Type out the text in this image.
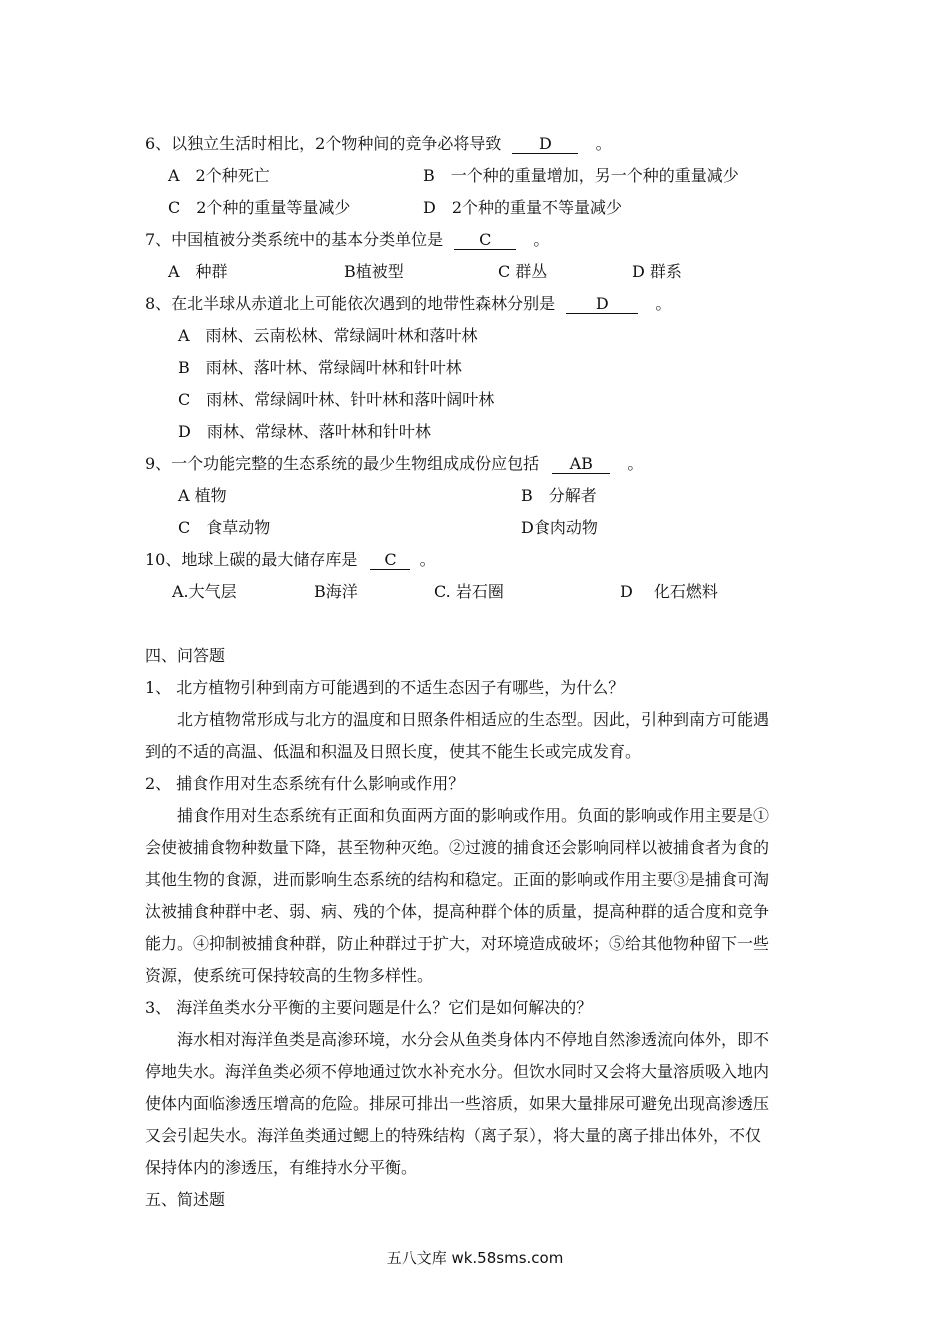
6、以独立生活时相比，2个物种间的竞争必将导致 D	。
A　2个种死亡	B　一个种的重量增加，另一个种的重量减少
C　2个种的重量等量减少	D　2个种的重量不等量减少
7、中国植被分类系统中的基本分类单位是 C	。
A　种群	B植被型	C 群丛	D 群系
8、在北半球从赤道北上可能依次遇到的地带性森林分别是	D	。
A　雨林、云南松林、常绿阔叶林和落叶林
B　雨林、落叶林、常绿阔叶林和针叶林
C　雨林、常绿阔叶林、针叶林和落叶阔叶林
D　雨林、常绿林、落叶林和针叶林
9、一个功能完整的生态系统的最少生物组成成份应包括 AB 。
A 植物	B　分解者
C　食草动物	D食肉动物
10、地球上碳的最大储存库是 C 。
A.大气层	B海洋	C. 岩石圈	D　 化石燃料
四、问答题
1、 北方植物引种到南方可能遇到的不适生态因子有哪些，为什么？
　　北方植物常形成与北方的温度和日照条件相适应的生态型。因此，引种到南方可能遇
到的不适的高温、低温和积温及日照长度，使其不能生长或完成发育。
2、 捕食作用对生态系统有什么影响或作用？
　　捕食作用对生态系统有正面和负面两方面的影响或作用。负面的影响或作用主要是①
会使被捕食物种数量下降，甚至物种灭绝。②过渡的捕食还会影响同样以被捕食者为食的
其他生物的食源，进而影响生态系统的结构和稳定。正面的影响或作用主要③是捕食可淘
汰被捕食种群中老、弱、病、残的个体，提高种群个体的质量，提高种群的适合度和竞争
能力。④抑制被捕食种群，防止种群过于扩大，对环境造成破坏；⑤给其他物种留下一些
资源，使系统可保持较高的生物多样性。
3、 海洋鱼类水分平衡的主要问题是什么？它们是如何解决的？
　　海水相对海洋鱼类是高渗环境，水分会从鱼类身体内不停地自然渗透流向体外，即不
停地失水。海洋鱼类必须不停地通过饮水补充水分。但饮水同时又会将大量溶质吸入地内
使体内面临渗透压增高的危险。排尿可排出一些溶质，如果大量排尿可避免出现高渗透压
又会引起失水。海洋鱼类通过鳃上的特殊结构（离子泵），将大量的离子排出体外，不仅
保持体内的渗透压，有维持水分平衡。
五、简述题
五八文库 wk.58sms.com
